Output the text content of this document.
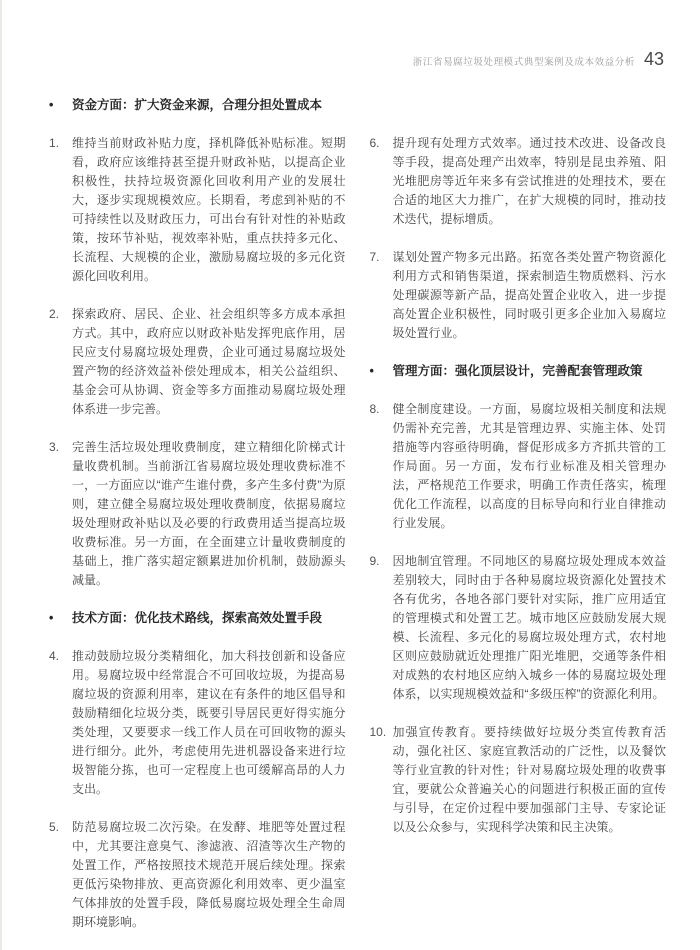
浙江省易腐垃圾处理模式典型案例及成本效益分析 43
•	资金方面：扩大资金来源，合理分担处置成本
1.	维持当前财政补贴力度，择机降低补贴标准。短期看，政府应该维持甚至提升财政补贴，以提高企业积极性，扶持垃圾资源化回收利用产业的发展壮大，逐步实现规模效应。长期看，考虑到补贴的不可持续性以及财政压力，可出台有针对性的补贴政策，按环节补贴，视效率补贴，重点扶持多元化、长流程、大规模的企业，激励易腐垃圾的多元化资源化回收利用。
2.	探索政府、居民、企业、社会组织等多方成本承担方式。其中，政府应以财政补贴发挥兜底作用，居民应支付易腐垃圾处理费，企业可通过易腐垃圾处置产物的经济效益补偿处理成本，相关公益组织、基金会可从协调、资金等多方面推动易腐垃圾处理体系进一步完善。
3.	完善生活垃圾处理收费制度，建立精细化阶梯式计量收费机制。当前浙江省易腐垃圾处理收费标准不一，一方面应以“谁产生谁付费，多产生多付费”为原则，建立健全易腐垃圾处理收费制度，依据易腐垃圾处理财政补贴以及必要的行政费用适当提高垃圾收费标准。另一方面，在全面建立计量收费制度的基础上，推广落实超定额累进加价机制，鼓励源头减量。
•	技术方面：优化技术路线，探索高效处置手段
4.	推动鼓励垃圾分类精细化，加大科技创新和设备应用。易腐垃圾中经常混合不可回收垃圾，为提高易腐垃圾的资源利用率，建议在有条件的地区倡导和鼓励精细化垃圾分类，既要引导居民更好得实施分类处理，又要要求一线工作人员在可回收物的源头进行细分。此外，考虑使用先进机器设备来进行垃圾智能分拣，也可一定程度上也可缓解高昂的人力支出。
5.	防范易腐垃圾二次污染。在发酵、堆肥等处置过程中，尤其要注意臭气、渗滤液、沼渣等次生产物的处置工作，严格按照技术规范开展后续处理。探索更低污染物排放、更高资源化利用效率、更少温室气体排放的处置手段，降低易腐垃圾处理全生命周期环境影响。
6.	提升现有处理方式效率。通过技术改进、设备改良等手段，提高处理产出效率，特别是昆虫养殖、阳光堆肥房等近年来多有尝试推进的处理技术，要在合适的地区大力推广，在扩大规模的同时，推动技术迭代，提标增质。
7.	谋划处置产物多元出路。拓宽各类处置产物资源化利用方式和销售渠道，探索制造生物质燃料、污水处理碳源等新产品，提高处置企业收入，进一步提高处置企业积极性，同时吸引更多企业加入易腐垃圾处置行业。
•	管理方面：强化顶层设计，完善配套管理政策
8.	健全制度建设。一方面，易腐垃圾相关制度和法规仍需补充完善，尤其是管理边界、实施主体、处罚措施等内容亟待明确，督促形成多方齐抓共管的工作局面。另一方面，发布行业标准及相关管理办法，严格规范工作要求，明确工作责任落实，梳理优化工作流程，以高度的目标导向和行业自律推动行业发展。
9.	因地制宜管理。不同地区的易腐垃圾处理成本效益差别较大，同时由于各种易腐垃圾资源化处置技术各有优劣，各地各部门要针对实际，推广应用适宜的管理模式和处置工艺。城市地区应鼓励发展大规模、长流程、多元化的易腐垃圾处理方式，农村地区则应鼓励就近处理推广阳光堆肥，交通等条件相对成熟的农村地区应纳入城乡一体的易腐垃圾处理体系，以实现规模效益和“多级压榨”的资源化利用。
10. 加强宣传教育。要持续做好垃圾分类宣传教育活动，强化社区、家庭宣教活动的广泛性，以及餐饮等行业宣教的针对性；针对易腐垃圾处理的收费事宜，要就公众普遍关心的问题进行积极正面的宣传与引导，在定价过程中要加强部门主导、专家论证以及公众参与，实现科学决策和民主决策。
